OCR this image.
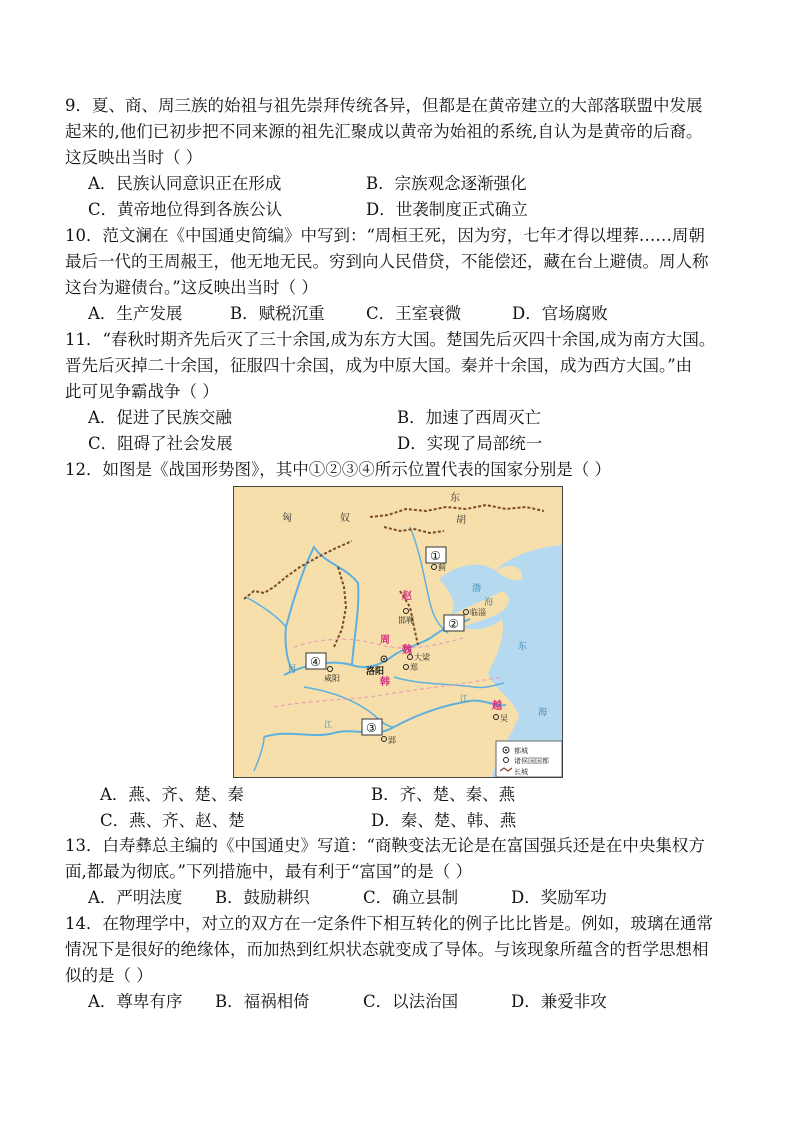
9．夏、商、周三族的始祖与祖先崇拜传统各异，但都是在黄帝建立的大部落联盟中发展

起来的,他们已初步把不同来源的祖先汇聚成以黄帝为始祖的系统,自认为是黄帝的后裔。

这反映出当时（ ）

A．民族认同意识正在形成	B．宗族观念逐渐强化
C．黄帝地位得到各族公认	D．世袭制度正式确立

10．范文澜在《中国通史简编》中写到：“周桓王死，因为穷，七年才得以埋葬……周朝

最后一代的王周赧王，他无地无民。穷到向人民借贷，不能偿还，藏在台上避债。周人称

这台为避债台。”这反映出当时（ ）

A．生产发展	B．赋税沉重	C．王室衰微	D．官场腐败

11．“春秋时期齐先后灭了三十余国,成为东方大国。楚国先后灭四十余国,成为南方大国。

晋先后灭掉二十余国，征服四十余国，成为中原大国。秦并十余国，成为西方大国。”由

此可见争霸战争（ ）

A．促进了民族交融	B．加速了西周灭亡
C．阻碍了社会发展	D．实现了局部统一

12．如图是《战国形势图》，其中①②③④所示位置代表的国家分别是（ ）

匈	奴
东
胡
渤
海
东
海
河
江
江
蓟
赵
邯郸
临淄
周
魏
洛阳
大梁
郑
韩
咸阳
郢
越
吴
①
②
③
④
都城
诸侯国国都
长城
A．燕、齐、楚、秦	B．齐、楚、秦、燕
C．燕、齐、赵、楚	D．秦、楚、韩、燕

13．白寿彝总主编的《中国通史》写道：“商鞅变法无论是在富国强兵还是在中央集权方

面,都最为彻底。”下列措施中，最有利于“富国”的是（ ）

A．严明法度 B．鼓励耕织	C．确立县制	D．奖励军功

14．在物理学中，对立的双方在一定条件下相互转化的例子比比皆是。例如，玻璃在通常

情况下是很好的绝缘体，而加热到红炽状态就变成了导体。与该现象所蕴含的哲学思想相

似的是（ ）

A．尊卑有序 B．福祸相倚	C．以法治国	D．兼爱非攻
